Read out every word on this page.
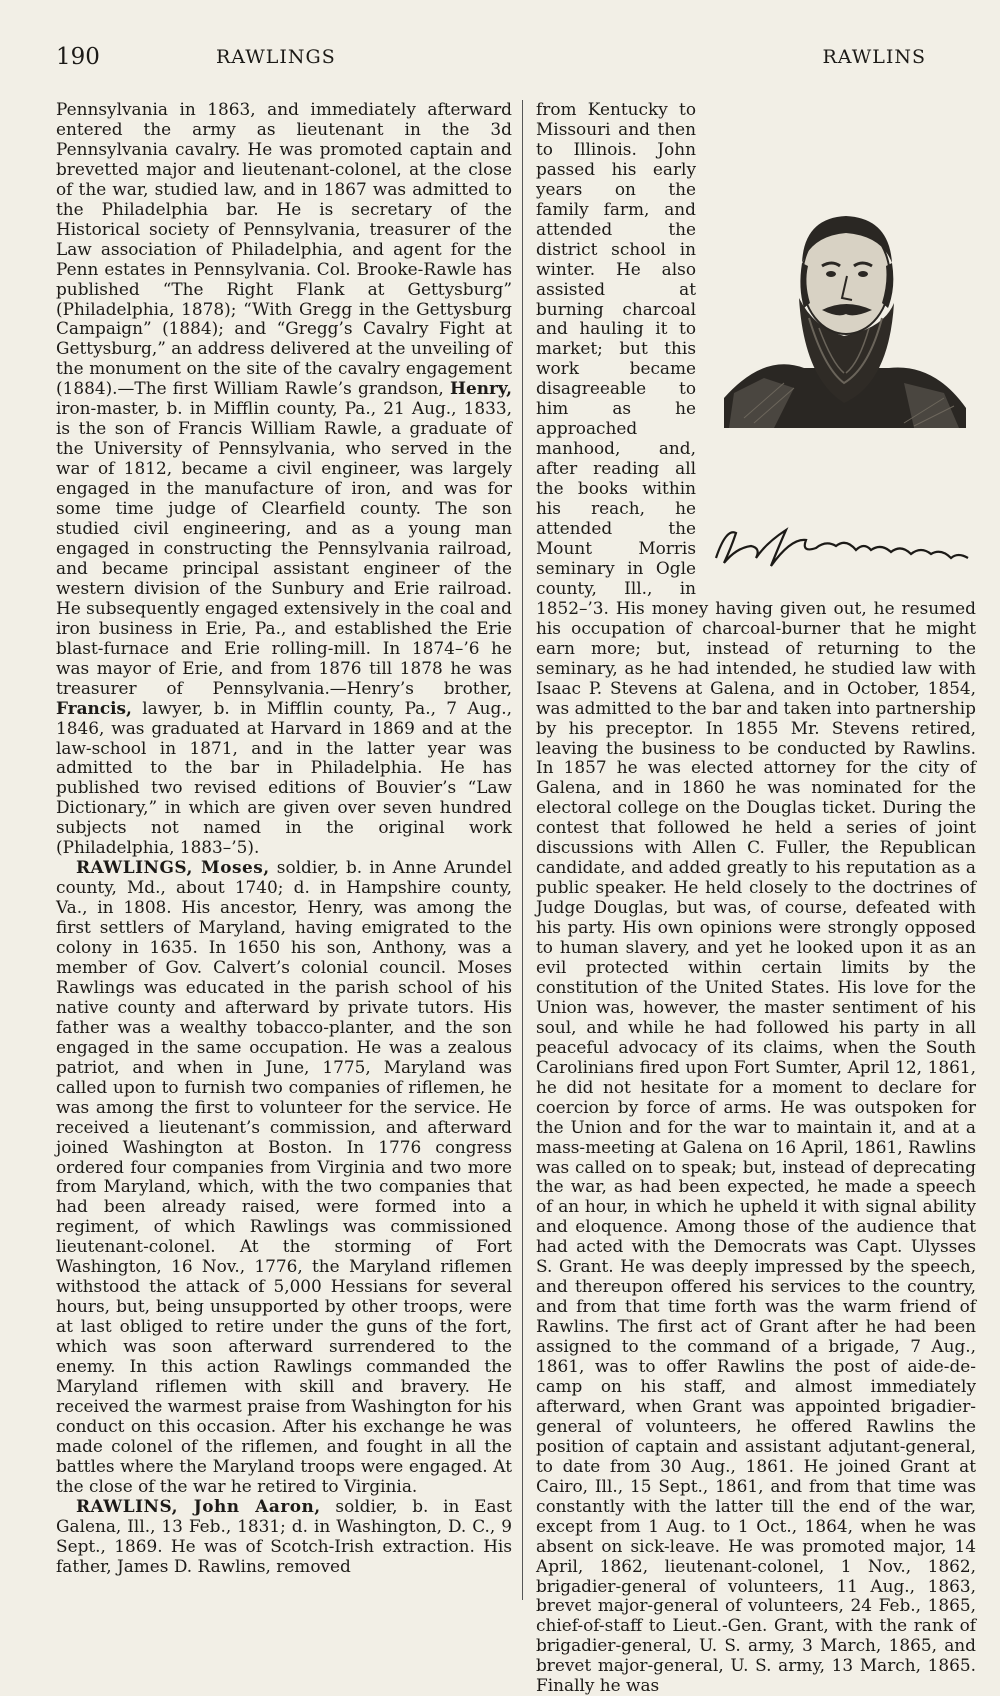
190	RAWLINGS	RAWLINS

Pennsylvania in 1863, and immediately afterward entered the army as lieutenant in the 3d Pennsylvania cavalry. He was promoted captain and brevetted major and lieutenant-colonel, at the close of the war, studied law, and in 1867 was admitted to the Philadelphia bar. He is secretary of the Historical society of Pennsylvania, treasurer of the Law association of Philadelphia, and agent for the Penn estates in Pennsylvania. Col. Brooke-Rawle has published “The Right Flank at Gettysburg” (Philadelphia, 1878); “With Gregg in the Gettysburg Campaign” (1884); and “Gregg’s Cavalry Fight at Gettysburg,” an address delivered at the unveiling of the monument on the site of the cavalry engagement (1884).—The first William Rawle’s grandson, Henry, iron-master, b. in Mifflin county, Pa., 21 Aug., 1833, is the son of Francis William Rawle, a graduate of the University of Pennsylvania, who served in the war of 1812, became a civil engineer, was largely engaged in the manufacture of iron, and was for some time judge of Clearfield county. The son studied civil engineering, and as a young man engaged in constructing the Pennsylvania railroad, and became principal assistant engineer of the western division of the Sunbury and Erie railroad. He subsequently engaged extensively in the coal and iron business in Erie, Pa., and established the Erie blast-furnace and Erie rolling-mill. In 1874–’6 he was mayor of Erie, and from 1876 till 1878 he was treasurer of Pennsylvania.—Henry’s brother, Francis, lawyer, b. in Mifflin county, Pa., 7 Aug., 1846, was graduated at Harvard in 1869 and at the law-school in 1871, and in the latter year was admitted to the bar in Philadelphia. He has published two revised editions of Bouvier’s “Law Dictionary,” in which are given over seven hundred subjects not named in the original work (Philadelphia, 1883–’5).

RAWLINGS, Moses, soldier, b. in Anne Arundel county, Md., about 1740; d. in Hampshire county, Va., in 1808. His ancestor, Henry, was among the first settlers of Maryland, having emigrated to the colony in 1635. In 1650 his son, Anthony, was a member of Gov. Calvert’s colonial council. Moses Rawlings was educated in the parish school of his native county and afterward by private tutors. His father was a wealthy tobacco-planter, and the son engaged in the same occupation. He was a zealous patriot, and when in June, 1775, Maryland was called upon to furnish two companies of riflemen, he was among the first to volunteer for the service. He received a lieutenant’s commission, and afterward joined Washington at Boston. In 1776 congress ordered four companies from Virginia and two more from Maryland, which, with the two companies that had been already raised, were formed into a regiment, of which Rawlings was commissioned lieutenant-colonel. At the storming of Fort Washington, 16 Nov., 1776, the Maryland riflemen withstood the attack of 5,000 Hessians for several hours, but, being unsupported by other troops, were at last obliged to retire under the guns of the fort, which was soon afterward surrendered to the enemy. In this action Rawlings commanded the Maryland riflemen with skill and bravery. He received the warmest praise from Washington for his conduct on this occasion. After his exchange he was made colonel of the riflemen, and fought in all the battles where the Maryland troops were engaged. At the close of the war he retired to Virginia.

RAWLINS, John Aaron, soldier, b. in East Galena, Ill., 13 Feb., 1831; d. in Washington, D. C., 9 Sept., 1869. He was of Scotch-Irish extraction. His father, James D. Rawlins, removed

from Kentucky to Missouri and then to Illinois. John passed his early years on the family farm, and attended the district school in winter. He also assisted at burning charcoal and hauling it to market; but this work became disagreeable to him as he approached manhood, and, after reading all the books within his reach, he attended the Mount Morris seminary in Ogle county, Ill., in 1852–’3. His money having given out, he resumed his occupation of charcoal-burner that he might earn more; but, instead of returning to the seminary, as he had intended, he studied law with Isaac P. Stevens at Galena, and in October, 1854, was admitted to the bar and taken into partnership by his preceptor. In 1855 Mr. Stevens retired, leaving the business to be conducted by Rawlins. In 1857 he was elected attorney for the city of Galena, and in 1860 he was nominated for the electoral college on the Douglas ticket. During the contest that followed he held a series of joint discussions with Allen C. Fuller, the Republican candidate, and added greatly to his reputation as a public speaker. He held closely to the doctrines of Judge Douglas, but was, of course, defeated with his party. His own opinions were strongly opposed to human slavery, and yet he looked upon it as an evil protected within certain limits by the constitution of the United States. His love for the Union was, however, the master sentiment of his soul, and while he had followed his party in all peaceful advocacy of its claims, when the South Carolinians fired upon Fort Sumter, April 12, 1861, he did not hesitate for a moment to declare for coercion by force of arms. He was outspoken for the Union and for the war to maintain it, and at a mass-meeting at Galena on 16 April, 1861, Rawlins was called on to speak; but, instead of deprecating the war, as had been expected, he made a speech of an hour, in which he upheld it with signal ability and eloquence. Among those of the audience that had acted with the Democrats was Capt. Ulysses S. Grant. He was deeply impressed by the speech, and thereupon offered his services to the country, and from that time forth was the warm friend of Rawlins. The first act of Grant after he had been assigned to the command of a brigade, 7 Aug., 1861, was to offer Rawlins the post of aide-de-camp on his staff, and almost immediately afterward, when Grant was appointed brigadier-general of volunteers, he offered Rawlins the position of captain and assistant adjutant-general, to date from 30 Aug., 1861. He joined Grant at Cairo, Ill., 15 Sept., 1861, and from that time was constantly with the latter till the end of the war, except from 1 Aug. to 1 Oct., 1864, when he was absent on sick-leave. He was promoted major, 14 April, 1862, lieutenant-colonel, 1 Nov., 1862, brigadier-general of volunteers, 11 Aug., 1863, brevet major-general of volunteers, 24 Feb., 1865, chief-of-staff to Lieut.-Gen. Grant, with the rank of brigadier-general, U. S. army, 3 March, 1865, and brevet major-general, U. S. army, 13 March, 1865. Finally he was
